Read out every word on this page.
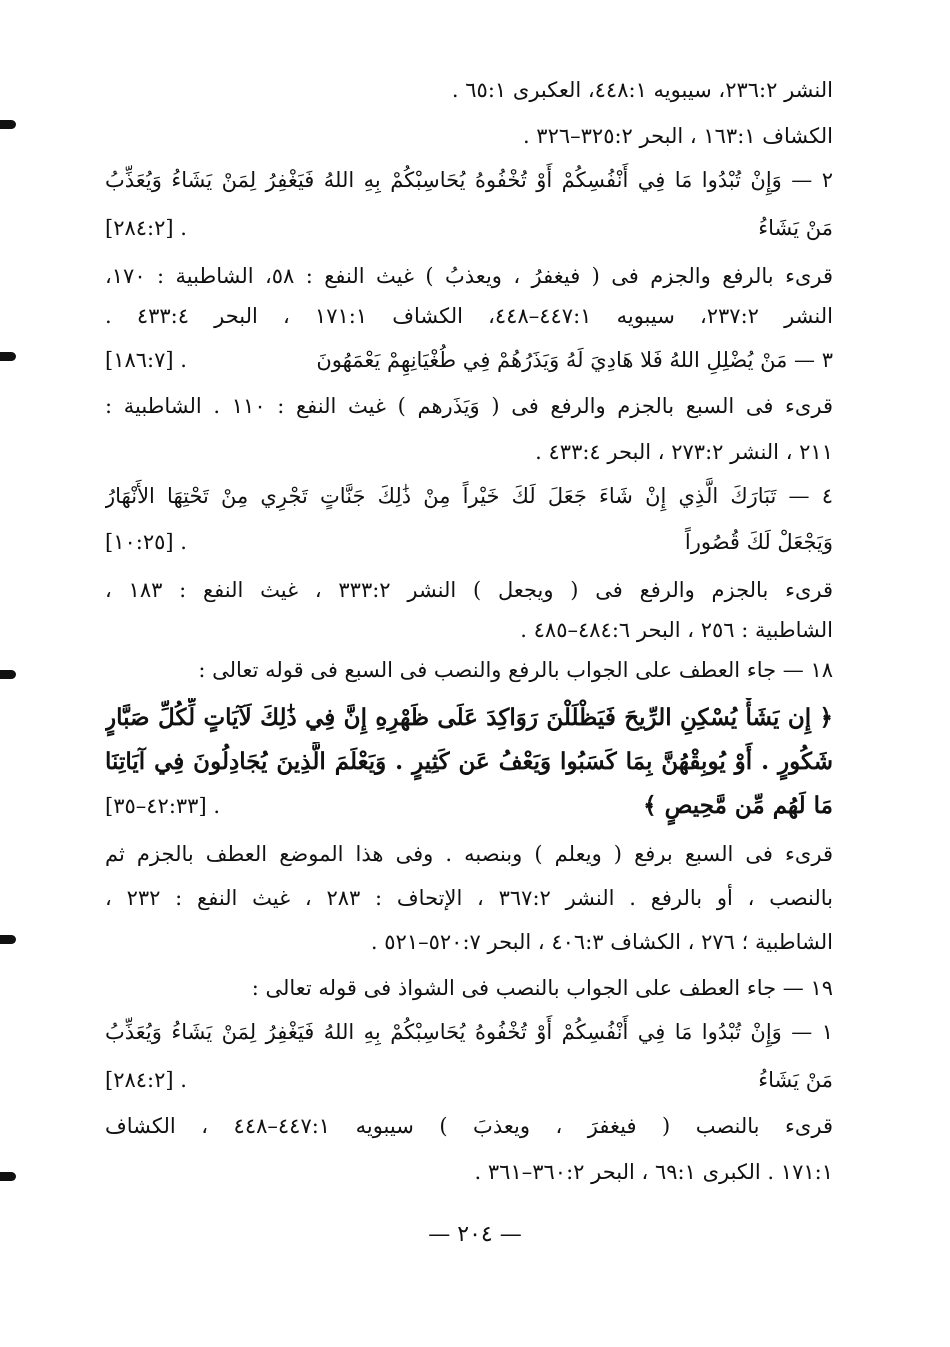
النشر ٢٣٦:٢، سيبويه ٤٤٨:١، العكبرى ٦٥:١ .
الكشاف ١٦٣:١ ، البحر ٣٢٥:٢–٣٢٦ .
٢ — وَإِنْ تُبْدُوا مَا فِي أَنْفُسِكُمْ أَوْ تُخْفُوهُ يُحَاسِبْكُمْ بِهِ اللهُ فَيَغْفِرُ لِمَنْ يَشَاءُ وَيُعَذِّبُ
مَنْ يَشَاءُ
[٢٨٤:٢] .
قرىء بالرفع والجزم فى ( فيغفرُ ، ويعذبُ ) غيث النفع : ٥٨، الشاطبية : ١٧٠،
النشر ٢٣٧:٢، سيبويه ٤٤٧:١–٤٤٨، الكشاف ١٧١:١ ، البحر ٤٣٣:٤ .
٣ — مَنْ يُضْلِلِ اللهُ فَلا هَادِيَ لَهُ وَيَذَرُهُمْ فِي طُغْيَانِهِمْ يَعْمَهُونَ
[١٨٦:٧] .
قرىء فى السبع بالجزم والرفع فى ( وَيَذَرهم ) غيث النفع : ١١٠ . الشاطبية :
٢١١ ، النشر ٢٧٣:٢ ، البحر ٤٣٣:٤ .
٤ — تَبَارَكَ الَّذِي إِنْ شَاءَ جَعَلَ لَكَ خَيْراً مِنْ ذَٰلِكَ جَنَّاتٍ تَجْرِي مِنْ تَحْتِهَا الأَنْهَارُ
وَيَجْعَلْ لَكَ قُصُوراً
[١٠:٢٥] .
قرىء بالجزم والرفع فى ( ويجعل ) النشر ٣٣٣:٢ ، غيث النفع : ١٨٣ ،
الشاطبية : ٢٥٦ ، البحر ٤٨٤:٦–٤٨٥ .
١٨ — جاء العطف على الجواب بالرفع والنصب فى السبع فى قوله تعالى :
﴿ إِن يَشَأْ يُسْكِنِ الرِّيحَ فَيَظْلَلْنَ رَوَاكِدَ عَلَى ظَهْرِهِ إِنَّ فِي ذَٰلِكَ لَآيَاتٍ لِّكُلِّ صَبَّارٍ
شَكُورٍ . أَوْ يُوبِقْهُنَّ بِمَا كَسَبُوا وَيَعْفُ عَن كَثِيرٍ . وَيَعْلَمَ الَّذِينَ يُجَادِلُونَ فِي آيَاتِنَا
مَا لَهُم مِّن مَّحِيصٍ ﴾
[٤٢:٣٣–٣٥] .
قرىء فى السبع برفع ( ويعلم ) وبنصبه . وفى هذا الموضع العطف بالجزم ثم
بالنصب ، أو بالرفع . النشر ٣٦٧:٢ ، الإتحاف : ٢٨٣ ، غيث النفع : ٢٣٢ ،
الشاطبية ؛ ٢٧٦ ، الكشاف ٤٠٦:٣ ، البحر ٥٢٠:٧–٥٢١ .
١٩ — جاء العطف على الجواب بالنصب فى الشواذ فى قوله تعالى :
١ — وَإِنْ تُبْدُوا مَا فِي أَنْفُسِكُمْ أَوْ تُخْفُوهُ يُحَاسِبْكُمْ بِهِ اللهُ فَيَغْفِرُ لِمَنْ يَشَاءُ وَيُعَذِّبُ
مَنْ يَشَاءُ
[٢٨٤:٢] .
قرىء بالنصب ( فيغفرَ ، ويعذبَ ) سيبويه ٤٤٧:١–٤٤٨ ، الكشاف
١٧١:١ . الكبرى ٦٩:١ ، البحر ٣٦٠:٢–٣٦١ .
— ٢٠٤ —
